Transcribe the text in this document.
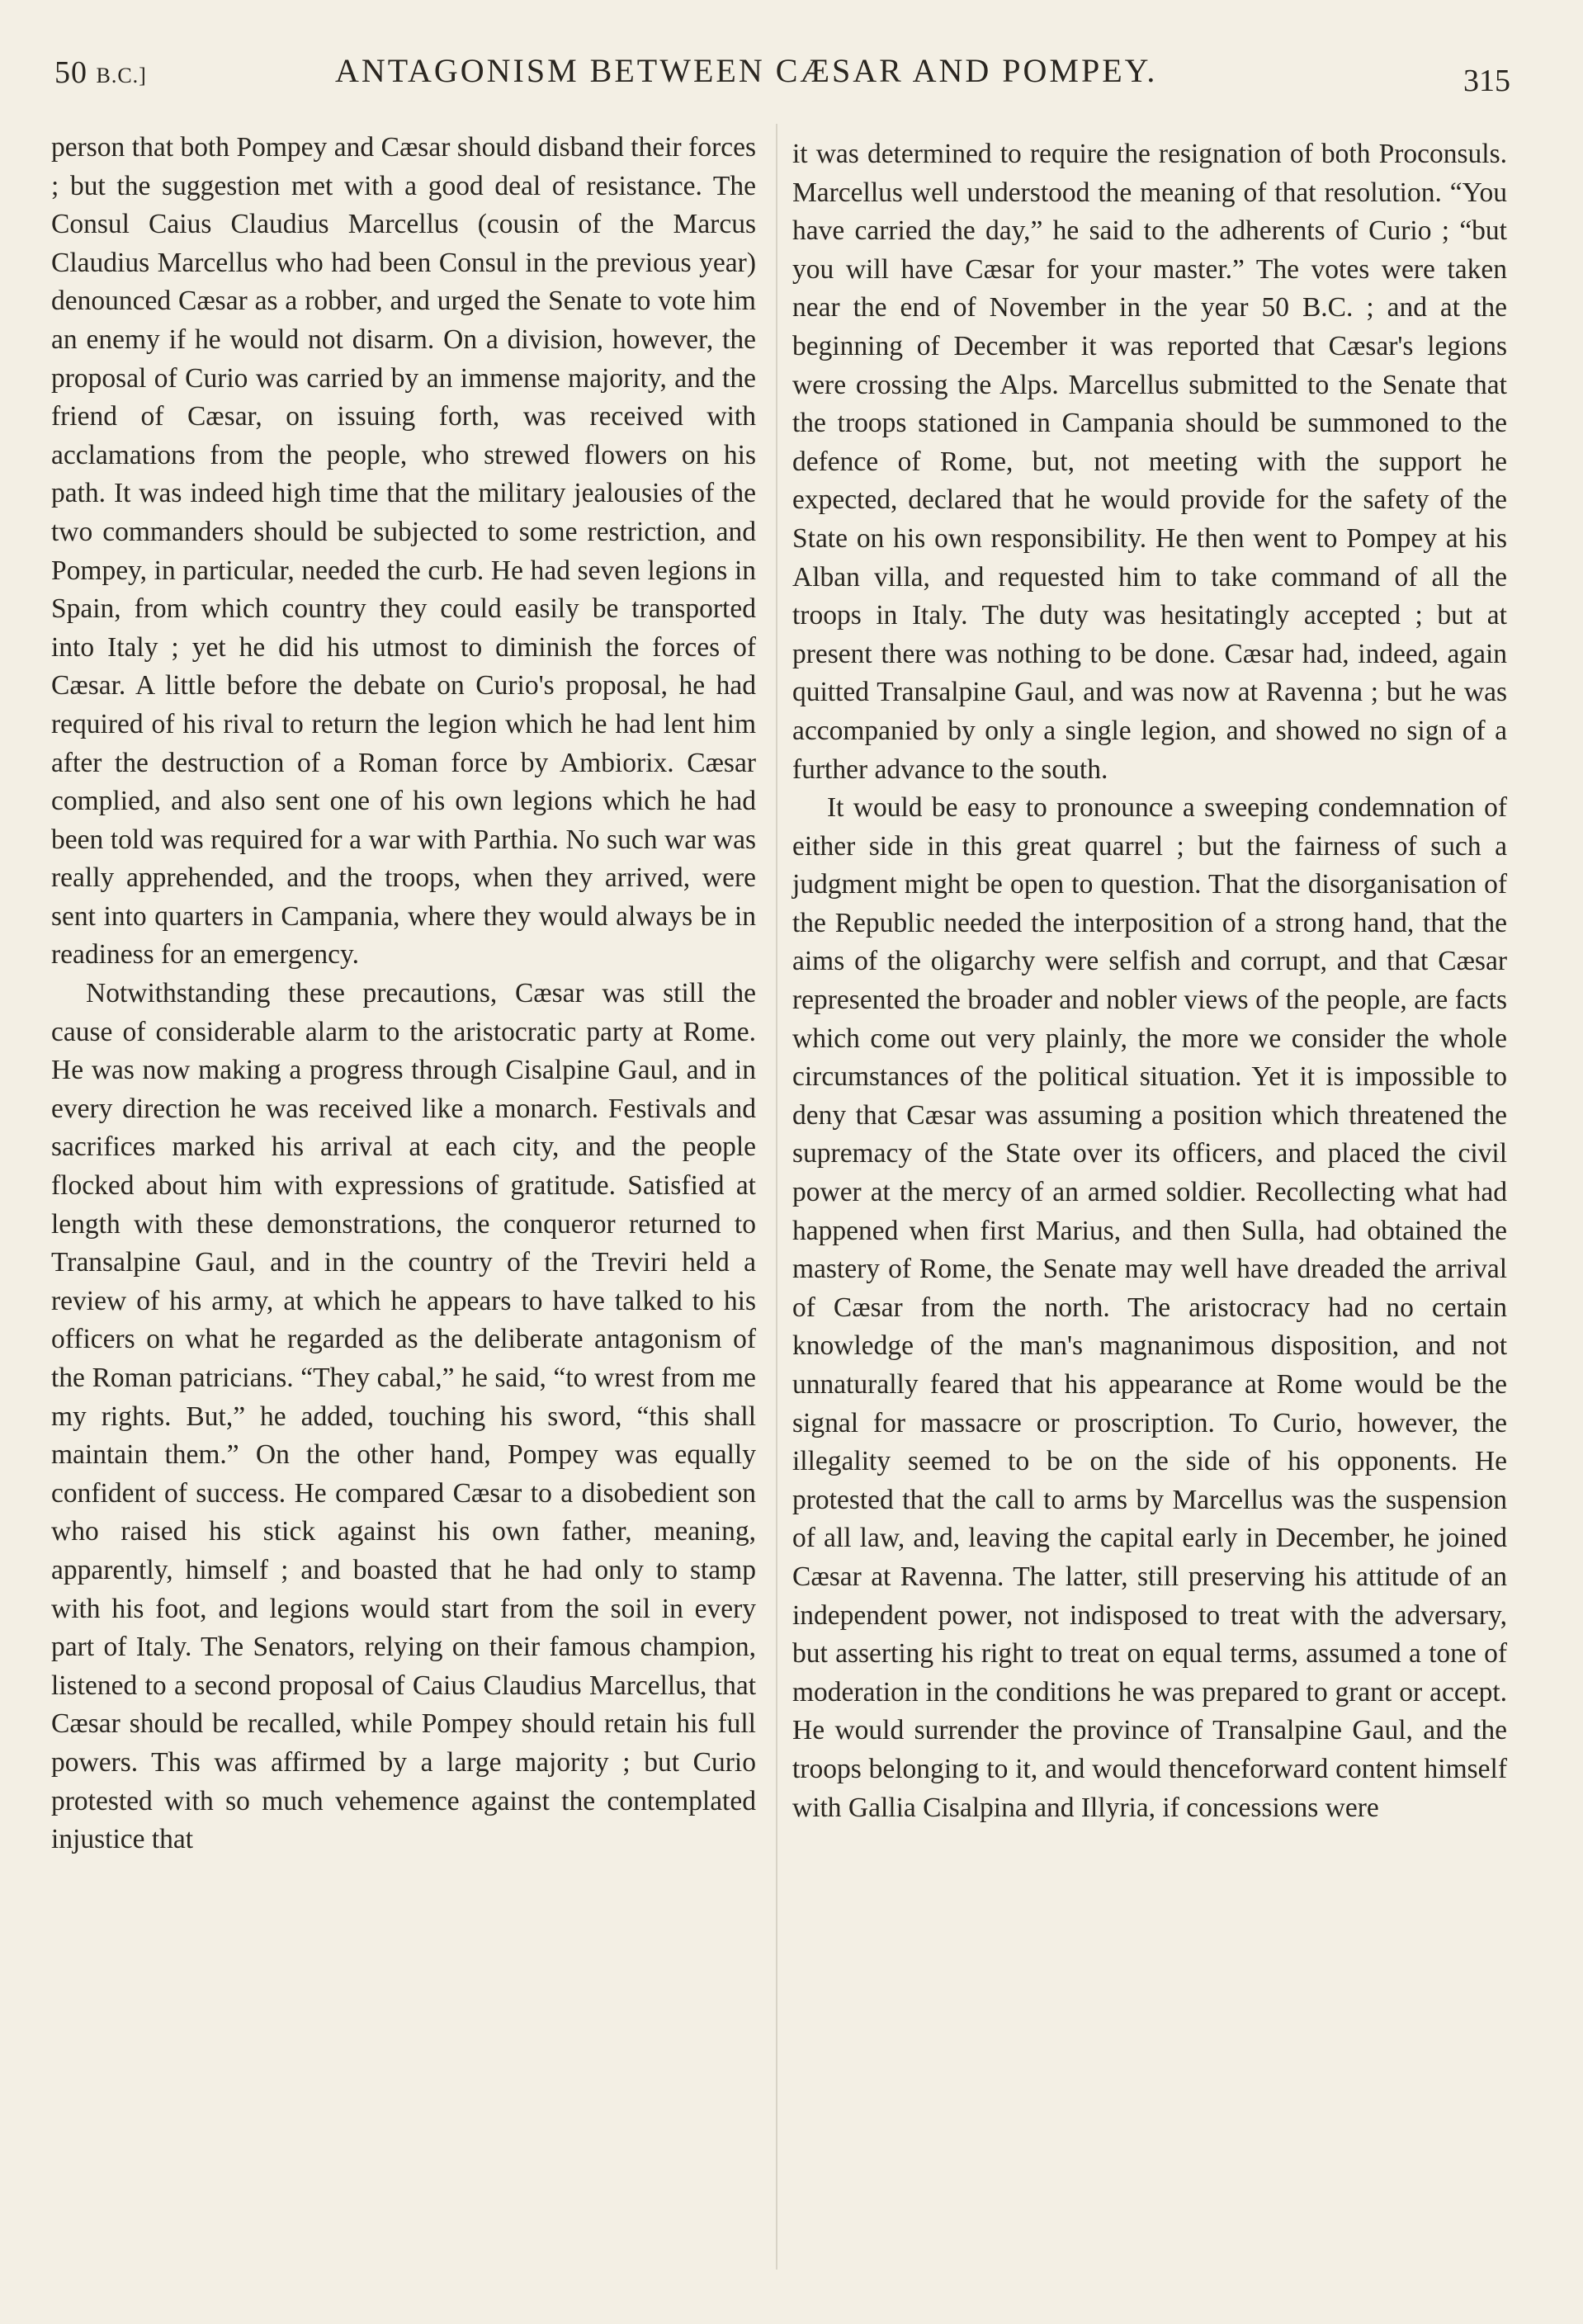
50 B.C.]	ANTAGONISM BETWEEN CÆSAR AND POMPEY.	315

person that both Pompey and Cæsar should disband their forces ; but the suggestion met with a good deal of resistance. The Consul Caius Claudius Marcellus (cousin of the Marcus Claudius Marcellus who had been Consul in the previous year) denounced Cæsar as a robber, and urged the Senate to vote him an enemy if he would not disarm. On a division, however, the proposal of Curio was carried by an immense majority, and the friend of Cæsar, on issuing forth, was received with acclamations from the people, who strewed flowers on his path. It was indeed high time that the military jealousies of the two commanders should be subjected to some restriction, and Pompey, in particular, needed the curb. He had seven legions in Spain, from which country they could easily be transported into Italy ; yet he did his utmost to diminish the forces of Cæsar. A little before the debate on Curio's proposal, he had required of his rival to return the legion which he had lent him after the destruction of a Roman force by Ambiorix. Cæsar complied, and also sent one of his own legions which he had been told was required for a war with Parthia. No such war was really apprehended, and the troops, when they arrived, were sent into quarters in Campania, where they would always be in readiness for an emergency.

Notwithstanding these precautions, Cæsar was still the cause of considerable alarm to the aristocratic party at Rome. He was now making a progress through Cisalpine Gaul, and in every direction he was received like a monarch. Festivals and sacrifices marked his arrival at each city, and the people flocked about him with expressions of gratitude. Satisfied at length with these demonstrations, the conqueror returned to Transalpine Gaul, and in the country of the Treviri held a review of his army, at which he appears to have talked to his officers on what he regarded as the deliberate antagonism of the Roman patricians. “They cabal,” he said, “to wrest from me my rights. But,” he added, touching his sword, “this shall maintain them.” On the other hand, Pompey was equally confident of success. He compared Cæsar to a disobedient son who raised his stick against his own father, meaning, apparently, himself ; and boasted that he had only to stamp with his foot, and legions would start from the soil in every part of Italy. The Senators, relying on their famous champion, listened to a second proposal of Caius Claudius Marcellus, that Cæsar should be recalled, while Pompey should retain his full powers. This was affirmed by a large majority ; but Curio protested with so much vehemence against the contemplated injustice that

it was determined to require the resignation of both Proconsuls. Marcellus well understood the meaning of that resolution. “You have carried the day,” he said to the adherents of Curio ; “but you will have Cæsar for your master.” The votes were taken near the end of November in the year 50 B.C. ; and at the beginning of December it was reported that Cæsar's legions were crossing the Alps. Marcellus submitted to the Senate that the troops stationed in Campania should be summoned to the defence of Rome, but, not meeting with the support he expected, declared that he would provide for the safety of the State on his own responsibility. He then went to Pompey at his Alban villa, and requested him to take command of all the troops in Italy. The duty was hesitatingly accepted ; but at present there was nothing to be done. Cæsar had, indeed, again quitted Transalpine Gaul, and was now at Ravenna ; but he was accompanied by only a single legion, and showed no sign of a further advance to the south.

It would be easy to pronounce a sweeping condemnation of either side in this great quarrel ; but the fairness of such a judgment might be open to question. That the disorganisation of the Republic needed the interposition of a strong hand, that the aims of the oligarchy were selfish and corrupt, and that Cæsar represented the broader and nobler views of the people, are facts which come out very plainly, the more we consider the whole circumstances of the political situation. Yet it is impossible to deny that Cæsar was assuming a position which threatened the supremacy of the State over its officers, and placed the civil power at the mercy of an armed soldier. Recollecting what had happened when first Marius, and then Sulla, had obtained the mastery of Rome, the Senate may well have dreaded the arrival of Cæsar from the north. The aristocracy had no certain knowledge of the man's magnanimous disposition, and not unnaturally feared that his appearance at Rome would be the signal for massacre or proscription. To Curio, however, the illegality seemed to be on the side of his opponents. He protested that the call to arms by Marcellus was the suspension of all law, and, leaving the capital early in December, he joined Cæsar at Ravenna. The latter, still preserving his attitude of an independent power, not indisposed to treat with the adversary, but asserting his right to treat on equal terms, assumed a tone of moderation in the conditions he was prepared to grant or accept. He would surrender the province of Transalpine Gaul, and the troops belonging to it, and would thenceforward content himself with Gallia Cisalpina and Illyria, if concessions were
